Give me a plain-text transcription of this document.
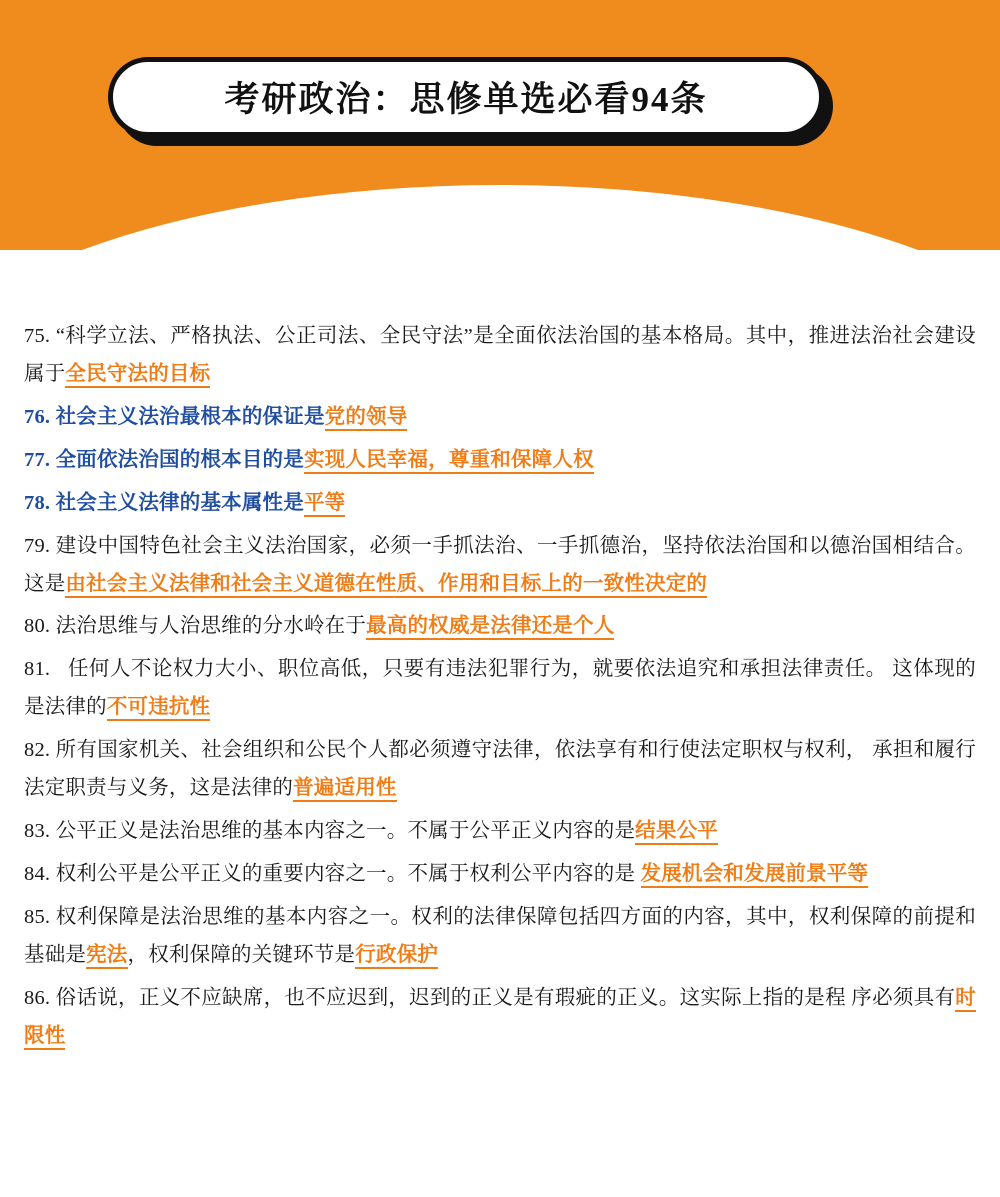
考研政治：思修单选必看94条
75. “科学立法、严格执法、公正司法、全民守法”是全面依法治国的基本格局。其中，推进法治社会建设属于全民守法的目标
76. 社会主义法治最根本的保证是党的领导
77. 全面依法治国的根本目的是实现人民幸福，尊重和保障人权
78. 社会主义法律的基本属性是平等
79. 建设中国特色社会主义法治国家，必须一手抓法治、一手抓德治，坚持依法治国和以德治国相结合。这是由社会主义法律和社会主义道德在性质、作用和目标上的一致性决定的
80. 法治思维与人治思维的分水岭在于最高的权威是法律还是个人
81. 任何人不论权力大小、职位高低，只要有违法犯罪行为，就要依法追究和承担法律责任。 这体现的是法律的不可违抗性
82. 所有国家机关、社会组织和公民个人都必须遵守法律，依法享有和行使法定职权与权利， 承担和履行法定职责与义务，这是法律的普遍适用性
83. 公平正义是法治思维的基本内容之一。不属于公平正义内容的是结果公平
84. 权利公平是公平正义的重要内容之一。不属于权利公平内容的是 发展机会和发展前景平等
85. 权利保障是法治思维的基本内容之一。权利的法律保障包括四方面的内容，其中，权利保障的前提和基础是宪法，权利保障的关键环节是行政保护
86. 俗话说，正义不应缺席，也不应迟到，迟到的正义是有瑕疵的正义。这实际上指的是程 序必须具有时限性
